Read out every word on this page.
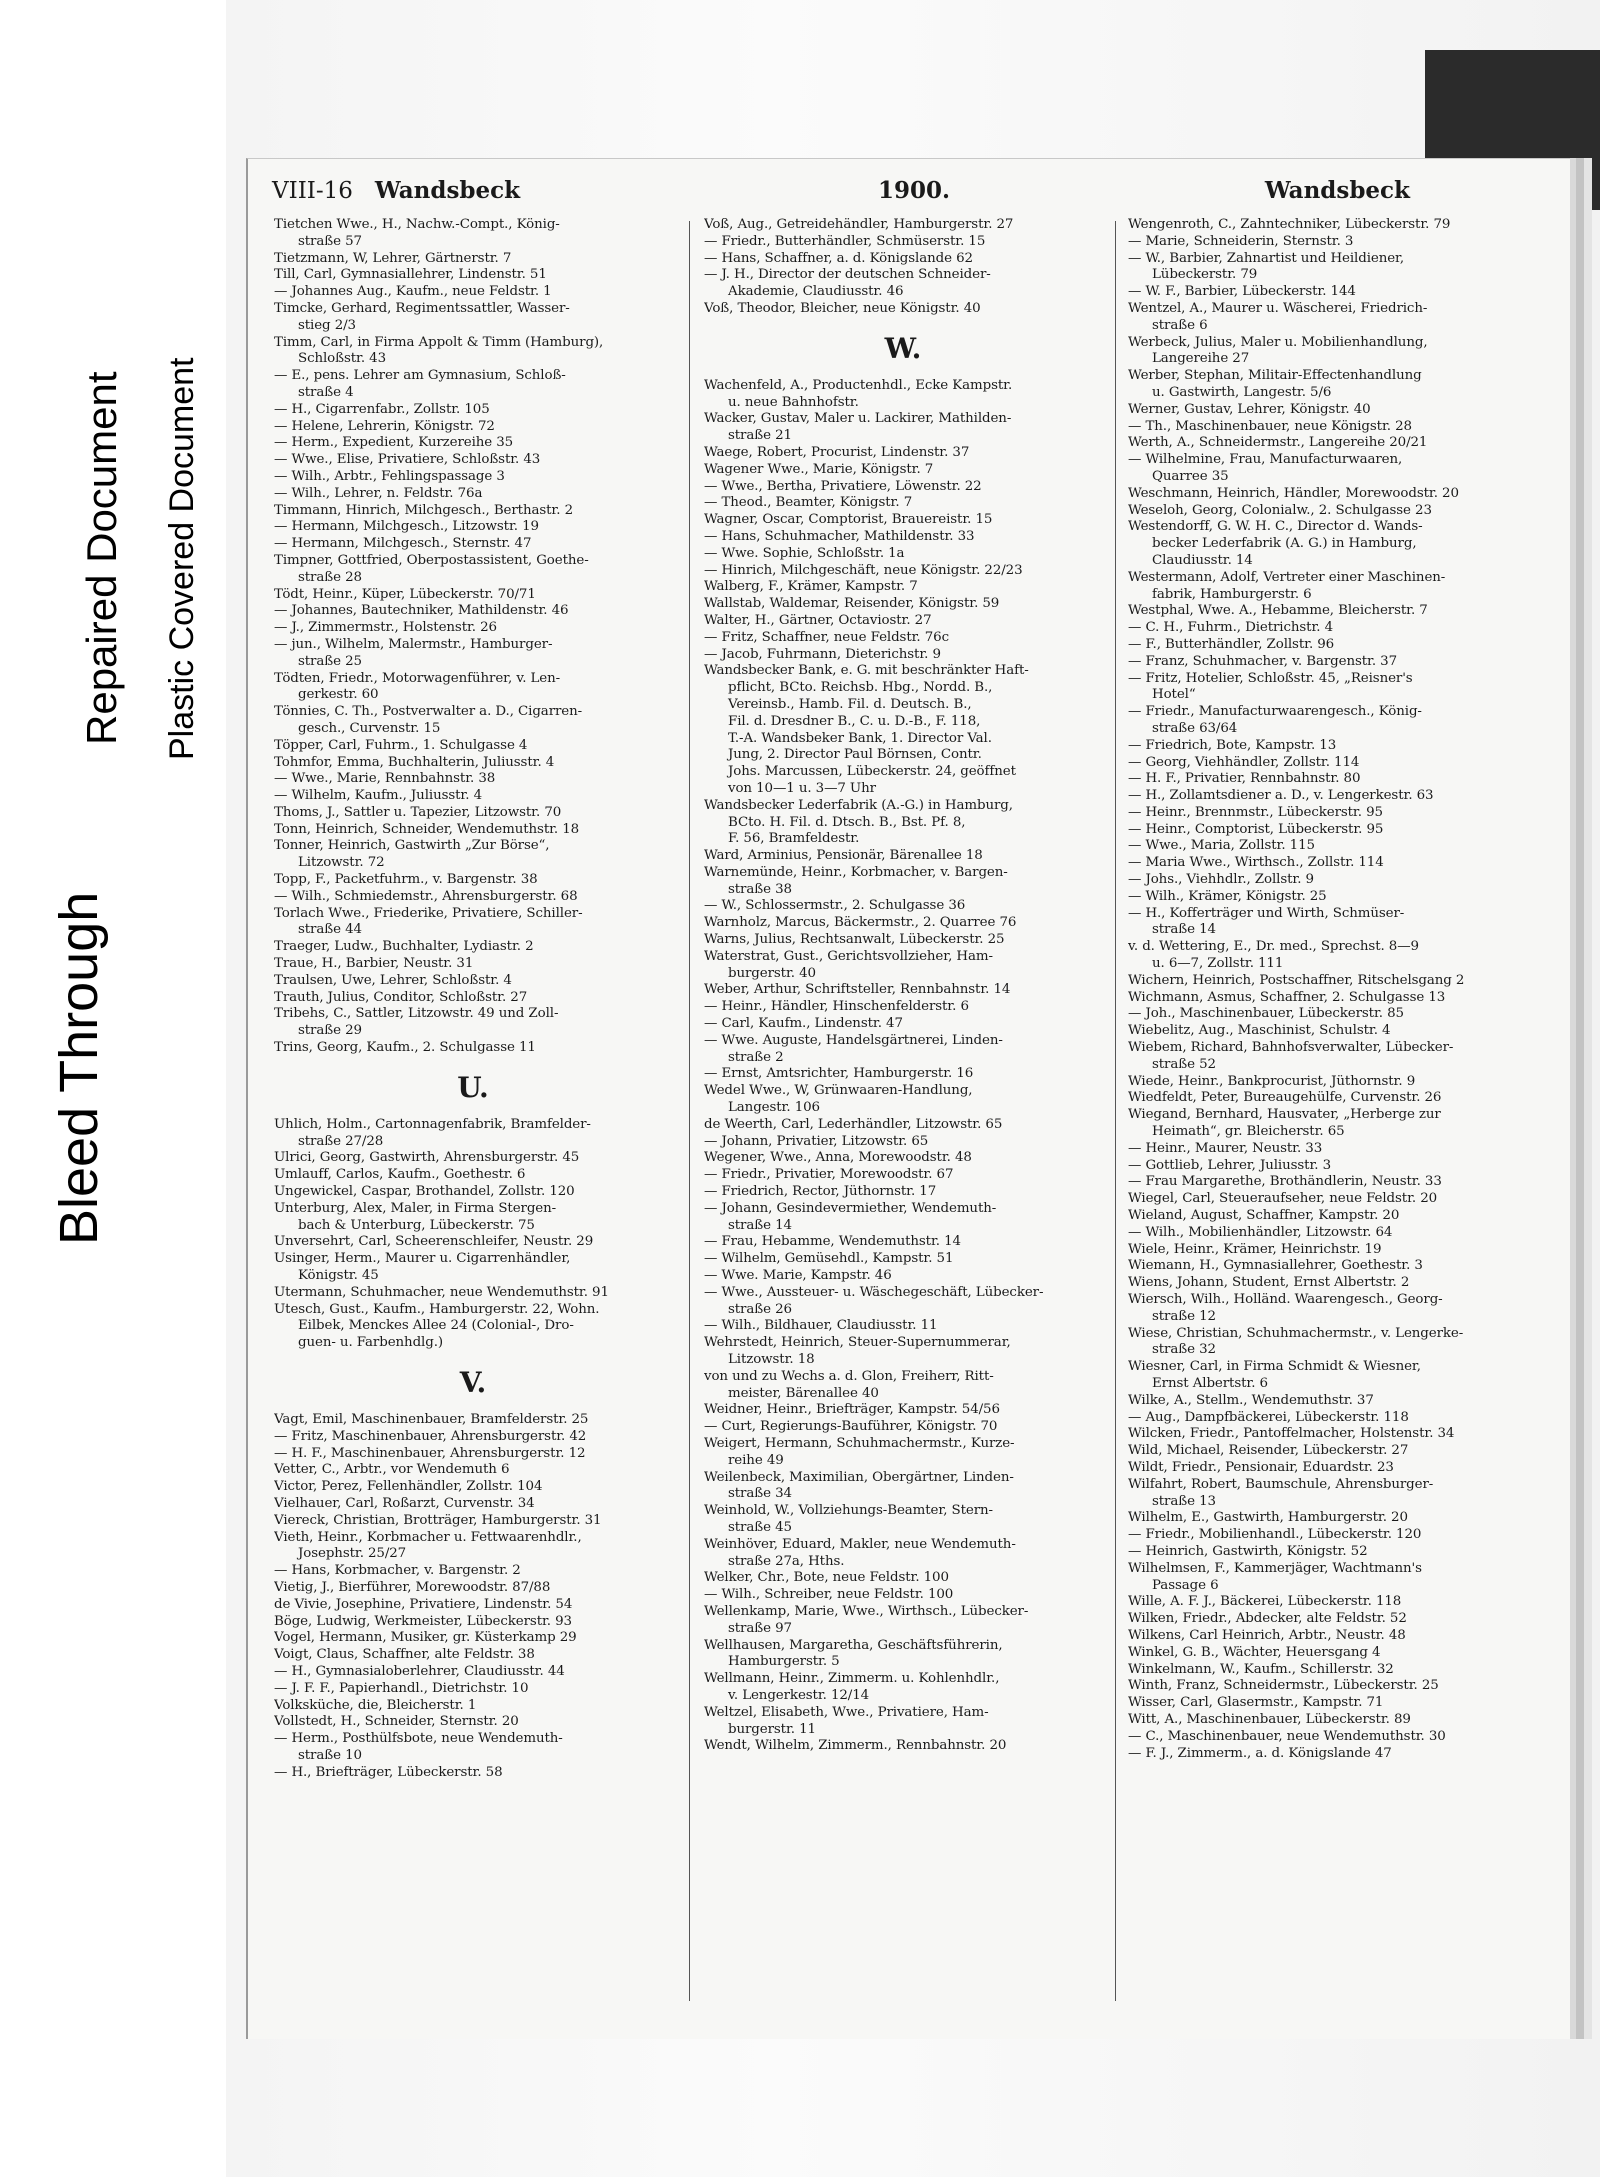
Bleed Through
Repaired Document Plastic Covered Document
VIII-16 Wandsbeck	1900.	Wandsbeck
Tietchen Wwe., H., Nachw.-Compt., König-
straße 57
Tietzmann, W, Lehrer, Gärtnerstr. 7
Till, Carl, Gymnasiallehrer, Lindenstr. 51
— Johannes Aug., Kaufm., neue Feldstr. 1
Timcke, Gerhard, Regimentssattler, Wasser-
stieg 2/3
Timm, Carl, in Firma Appolt & Timm (Hamburg),
Schloßstr. 43
— E., pens. Lehrer am Gymnasium, Schloß-
straße 4
— H., Cigarrenfabr., Zollstr. 105
— Helene, Lehrerin, Königstr. 72
— Herm., Expedient, Kurzereihe 35
— Wwe., Elise, Privatiere, Schloßstr. 43
— Wilh., Arbtr., Fehlingspassage 3
— Wilh., Lehrer, n. Feldstr. 76a
Timmann, Hinrich, Milchgesch., Berthastr. 2
— Hermann, Milchgesch., Litzowstr. 19
— Hermann, Milchgesch., Sternstr. 47
Timpner, Gottfried, Oberpostassistent, Goethe-
straße 28
Tödt, Heinr., Küper, Lübeckerstr. 70/71
— Johannes, Bautechniker, Mathildenstr. 46
— J., Zimmermstr., Holstenstr. 26
— jun., Wilhelm, Malermstr., Hamburger-
straße 25
Tödten, Friedr., Motorwagenführer, v. Len-
gerkestr. 60
Tönnies, C. Th., Postverwalter a. D., Cigarren-
gesch., Curvenstr. 15
Töpper, Carl, Fuhrm., 1. Schulgasse 4
Tohmfor, Emma, Buchhalterin, Juliusstr. 4
— Wwe., Marie, Rennbahnstr. 38
— Wilhelm, Kaufm., Juliusstr. 4
Thoms, J., Sattler u. Tapezier, Litzowstr. 70
Tonn, Heinrich, Schneider, Wendemuthstr. 18
Tonner, Heinrich, Gastwirth „Zur Börse“,
Litzowstr. 72
Topp, F., Packetfuhrm., v. Bargenstr. 38
— Wilh., Schmiedemstr., Ahrensburgerstr. 68
Torlach Wwe., Friederike, Privatiere, Schiller-
straße 44
Traeger, Ludw., Buchhalter, Lydiastr. 2
Traue, H., Barbier, Neustr. 31
Traulsen, Uwe, Lehrer, Schloßstr. 4
Trauth, Julius, Conditor, Schloßstr. 27
Tribehs, C., Sattler, Litzowstr. 49 und Zoll-
straße 29
Trins, Georg, Kaufm., 2. Schulgasse 11
U.
Uhlich, Holm., Cartonnagenfabrik, Bramfelder-
straße 27/28
Ulrici, Georg, Gastwirth, Ahrensburgerstr. 45
Umlauff, Carlos, Kaufm., Goethestr. 6
Ungewickel, Caspar, Brothandel, Zollstr. 120
Unterburg, Alex, Maler, in Firma Stergen-
bach & Unterburg, Lübeckerstr. 75
Unversehrt, Carl, Scheerenschleifer, Neustr. 29
Usinger, Herm., Maurer u. Cigarrenhändler,
Königstr. 45
Utermann, Schuhmacher, neue Wendemuthstr. 91
Utesch, Gust., Kaufm., Hamburgerstr. 22, Wohn.
Eilbek, Menckes Allee 24 (Colonial-, Dro-
guen- u. Farbenhdlg.)
V.
Vagt, Emil, Maschinenbauer, Bramfelderstr. 25
— Fritz, Maschinenbauer, Ahrensburgerstr. 42
— H. F., Maschinenbauer, Ahrensburgerstr. 12
Vetter, C., Arbtr., vor Wendemuth 6
Victor, Perez, Fellenhändler, Zollstr. 104
Vielhauer, Carl, Roßarzt, Curvenstr. 34
Viereck, Christian, Brotträger, Hamburgerstr. 31
Vieth, Heinr., Korbmacher u. Fettwaarenhdlr.,
Josephstr. 25/27
— Hans, Korbmacher, v. Bargenstr. 2
Vietig, J., Bierführer, Morewoodstr. 87/88
de Vivie, Josephine, Privatiere, Lindenstr. 54
Böge, Ludwig, Werkmeister, Lübeckerstr. 93
Vogel, Hermann, Musiker, gr. Küsterkamp 29
Voigt, Claus, Schaffner, alte Feldstr. 38
— H., Gymnasialoberlehrer, Claudiusstr. 44
— J. F. F., Papierhandl., Dietrichstr. 10
Volksküche, die, Bleicherstr. 1
Vollstedt, H., Schneider, Sternstr. 20
— Herm., Posthülfsbote, neue Wendemuth-
straße 10
— H., Briefträger, Lübeckerstr. 58
Voß, Aug., Getreidehändler, Hamburgerstr. 27
— Friedr., Butterhändler, Schmüserstr. 15
— Hans, Schaffner, a. d. Königslande 62
— J. H., Director der deutschen Schneider-
Akademie, Claudiusstr. 46
Voß, Theodor, Bleicher, neue Königstr. 40
W.
Wachenfeld, A., Productenhdl., Ecke Kampstr.
u. neue Bahnhofstr.
Wacker, Gustav, Maler u. Lackirer, Mathilden-
straße 21
Waege, Robert, Procurist, Lindenstr. 37
Wagener Wwe., Marie, Königstr. 7
— Wwe., Bertha, Privatiere, Löwenstr. 22
— Theod., Beamter, Königstr. 7
Wagner, Oscar, Comptorist, Brauereistr. 15
— Hans, Schuhmacher, Mathildenstr. 33
— Wwe. Sophie, Schloßstr. 1a
— Hinrich, Milchgeschäft, neue Königstr. 22/23
Walberg, F., Krämer, Kampstr. 7
Wallstab, Waldemar, Reisender, Königstr. 59
Walter, H., Gärtner, Octaviostr. 27
— Fritz, Schaffner, neue Feldstr. 76c
— Jacob, Fuhrmann, Dieterichstr. 9
Wandsbecker Bank, e. G. mit beschränkter Haft-
pflicht, BCto. Reichsb. Hbg., Nordd. B.,
Vereinsb., Hamb. Fil. d. Deutsch. B.,
Fil. d. Dresdner B., C. u. D.-B., F. 118,
T.-A. Wandsbeker Bank, 1. Director Val.
Jung, 2. Director Paul Börnsen, Contr.
Johs. Marcussen, Lübeckerstr. 24, geöffnet
von 10—1 u. 3—7 Uhr
Wandsbecker Lederfabrik (A.-G.) in Hamburg,
BCto. H. Fil. d. Dtsch. B., Bst. Pf. 8,
F. 56, Bramfeldestr.
Ward, Arminius, Pensionär, Bärenallee 18
Warnemünde, Heinr., Korbmacher, v. Bargen-
straße 38
— W., Schlossermstr., 2. Schulgasse 36
Warnholz, Marcus, Bäckermstr., 2. Quarree 76
Warns, Julius, Rechtsanwalt, Lübeckerstr. 25
Waterstrat, Gust., Gerichtsvollzieher, Ham-
burgerstr. 40
Weber, Arthur, Schriftsteller, Rennbahnstr. 14
— Heinr., Händler, Hinschenfelderstr. 6
— Carl, Kaufm., Lindenstr. 47
— Wwe. Auguste, Handelsgärtnerei, Linden-
straße 2
— Ernst, Amtsrichter, Hamburgerstr. 16
Wedel Wwe., W, Grünwaaren-Handlung,
Langestr. 106
de Weerth, Carl, Lederhändler, Litzowstr. 65
— Johann, Privatier, Litzowstr. 65
Wegener, Wwe., Anna, Morewoodstr. 48
— Friedr., Privatier, Morewoodstr. 67
— Friedrich, Rector, Jüthornstr. 17
— Johann, Gesindevermiether, Wendemuth-
straße 14
— Frau, Hebamme, Wendemuthstr. 14
— Wilhelm, Gemüsehdl., Kampstr. 51
— Wwe. Marie, Kampstr. 46
— Wwe., Aussteuer- u. Wäschegeschäft, Lübecker-
straße 26
— Wilh., Bildhauer, Claudiusstr. 11
Wehrstedt, Heinrich, Steuer-Supernummerar,
Litzowstr. 18
von und zu Wechs a. d. Glon, Freiherr, Ritt-
meister, Bärenallee 40
Weidner, Heinr., Briefträger, Kampstr. 54/56
— Curt, Regierungs-Bauführer, Königstr. 70
Weigert, Hermann, Schuhmachermstr., Kurze-
reihe 49
Weilenbeck, Maximilian, Obergärtner, Linden-
straße 34
Weinhold, W., Vollziehungs-Beamter, Stern-
straße 45
Weinhöver, Eduard, Makler, neue Wendemuth-
straße 27a, Hths.
Welker, Chr., Bote, neue Feldstr. 100
— Wilh., Schreiber, neue Feldstr. 100
Wellenkamp, Marie, Wwe., Wirthsch., Lübecker-
straße 97
Wellhausen, Margaretha, Geschäftsführerin,
Hamburgerstr. 5
Wellmann, Heinr., Zimmerm. u. Kohlenhdlr.,
v. Lengerkestr. 12/14
Weltzel, Elisabeth, Wwe., Privatiere, Ham-
burgerstr. 11
Wendt, Wilhelm, Zimmerm., Rennbahnstr. 20
Wengenroth, C., Zahntechniker, Lübeckerstr. 79
— Marie, Schneiderin, Sternstr. 3
— W., Barbier, Zahnartist und Heildiener,
Lübeckerstr. 79
— W. F., Barbier, Lübeckerstr. 144
Wentzel, A., Maurer u. Wäscherei, Friedrich-
straße 6
Werbeck, Julius, Maler u. Mobilienhandlung,
Langereihe 27
Werber, Stephan, Militair-Effectenhandlung
u. Gastwirth, Langestr. 5/6
Werner, Gustav, Lehrer, Königstr. 40
— Th., Maschinenbauer, neue Königstr. 28
Werth, A., Schneidermstr., Langereihe 20/21
— Wilhelmine, Frau, Manufacturwaaren,
Quarree 35
Weschmann, Heinrich, Händler, Morewoodstr. 20
Weseloh, Georg, Colonialw., 2. Schulgasse 23
Westendorff, G. W. H. C., Director d. Wands-
becker Lederfabrik (A. G.) in Hamburg,
Claudiusstr. 14
Westermann, Adolf, Vertreter einer Maschinen-
fabrik, Hamburgerstr. 6
Westphal, Wwe. A., Hebamme, Bleicherstr. 7
— C. H., Fuhrm., Dietrichstr. 4
— F., Butterhändler, Zollstr. 96
— Franz, Schuhmacher, v. Bargenstr. 37
— Fritz, Hotelier, Schloßstr. 45, „Reisner's
Hotel“
— Friedr., Manufacturwaarengesch., König-
straße 63/64
— Friedrich, Bote, Kampstr. 13
— Georg, Viehhändler, Zollstr. 114
— H. F., Privatier, Rennbahnstr. 80
— H., Zollamtsdiener a. D., v. Lengerkestr. 63
— Heinr., Brennmstr., Lübeckerstr. 95
— Heinr., Comptorist, Lübeckerstr. 95
— Wwe., Maria, Zollstr. 115
— Maria Wwe., Wirthsch., Zollstr. 114
— Johs., Viehhdlr., Zollstr. 9
— Wilh., Krämer, Königstr. 25
— H., Kofferträger und Wirth, Schmüser-
straße 14
v. d. Wettering, E., Dr. med., Sprechst. 8—9
u. 6—7, Zollstr. 111
Wichern, Heinrich, Postschaffner, Ritschelsgang 2
Wichmann, Asmus, Schaffner, 2. Schulgasse 13
— Joh., Maschinenbauer, Lübeckerstr. 85
Wiebelitz, Aug., Maschinist, Schulstr. 4
Wiebem, Richard, Bahnhofsverwalter, Lübecker-
straße 52
Wiede, Heinr., Bankprocurist, Jüthornstr. 9
Wiedfeldt, Peter, Bureaugehülfe, Curvenstr. 26
Wiegand, Bernhard, Hausvater, „Herberge zur
Heimath“, gr. Bleicherstr. 65
— Heinr., Maurer, Neustr. 33
— Gottlieb, Lehrer, Juliusstr. 3
— Frau Margarethe, Brothändlerin, Neustr. 33
Wiegel, Carl, Steueraufseher, neue Feldstr. 20
Wieland, August, Schaffner, Kampstr. 20
— Wilh., Mobilienhändler, Litzowstr. 64
Wiele, Heinr., Krämer, Heinrichstr. 19
Wiemann, H., Gymnasiallehrer, Goethestr. 3
Wiens, Johann, Student, Ernst Albertstr. 2
Wiersch, Wilh., Holländ. Waarengesch., Georg-
straße 12
Wiese, Christian, Schuhmachermstr., v. Lengerke-
straße 32
Wiesner, Carl, in Firma Schmidt & Wiesner,
Ernst Albertstr. 6
Wilke, A., Stellm., Wendemuthstr. 37
— Aug., Dampfbäckerei, Lübeckerstr. 118
Wilcken, Friedr., Pantoffelmacher, Holstenstr. 34
Wild, Michael, Reisender, Lübeckerstr. 27
Wildt, Friedr., Pensionair, Eduardstr. 23
Wilfahrt, Robert, Baumschule, Ahrensburger-
straße 13
Wilhelm, E., Gastwirth, Hamburgerstr. 20
— Friedr., Mobilienhandl., Lübeckerstr. 120
— Heinrich, Gastwirth, Königstr. 52
Wilhelmsen, F., Kammerjäger, Wachtmann's
Passage 6
Wille, A. F. J., Bäckerei, Lübeckerstr. 118
Wilken, Friedr., Abdecker, alte Feldstr. 52
Wilkens, Carl Heinrich, Arbtr., Neustr. 48
Winkel, G. B., Wächter, Heuersgang 4
Winkelmann, W., Kaufm., Schillerstr. 32
Winth, Franz, Schneidermstr., Lübeckerstr. 25
Wisser, Carl, Glasermstr., Kampstr. 71
Witt, A., Maschinenbauer, Lübeckerstr. 89
— C., Maschinenbauer, neue Wendemuthstr. 30
— F. J., Zimmerm., a. d. Königslande 47
